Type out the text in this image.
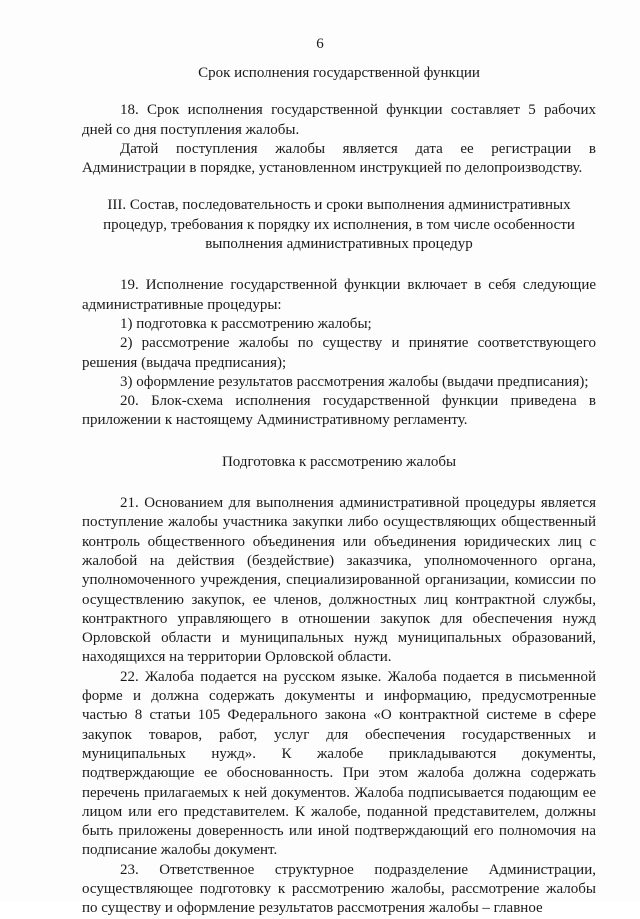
6

Срок исполнения государственной функции

18. Срок исполнения государственной функции составляет 5 рабочих дней со дня поступления жалобы.

Датой поступления жалобы является дата ее регистрации в Администрации в порядке, установленном инструкцией по делопроизводству.

III. Состав, последовательность и сроки выполнения административных процедур, требования к порядку их исполнения, в том числе особенности выполнения административных процедур

19. Исполнение государственной функции включает в себя следующие административные процедуры:

1) подготовка к рассмотрению жалобы;

2) рассмотрение жалобы по существу и принятие соответствующего решения (выдача предписания);

3) оформление результатов рассмотрения жалобы (выдачи предписания);

20. Блок-схема исполнения государственной функции приведена в приложении к настоящему Административному регламенту.

Подготовка к рассмотрению жалобы

21. Основанием для выполнения административной процедуры является поступление жалобы участника закупки либо осуществляющих общественный контроль общественного объединения или объединения юридических лиц с жалобой на действия (бездействие) заказчика, уполномоченного органа, уполномоченного учреждения, специализированной организации, комиссии по осуществлению закупок, ее членов, должностных лиц контрактной службы, контрактного управляющего в отношении закупок для обеспечения нужд Орловской области и муниципальных нужд муниципальных образований, находящихся на территории Орловской области.

22. Жалоба подается на русском языке. Жалоба подается в письменной форме и должна содержать документы и информацию, предусмотренные частью 8 статьи 105 Федерального закона «О контрактной системе в сфере закупок товаров, работ, услуг для обеспечения государственных и муниципальных нужд». К жалобе прикладываются документы, подтверждающие ее обоснованность. При этом жалоба должна содержать перечень прилагаемых к ней документов. Жалоба подписывается подающим ее лицом или его представителем. К жалобе, поданной представителем, должны быть приложены доверенность или иной подтверждающий его полномочия на подписание жалобы документ.

23. Ответственное структурное подразделение Администрации, осуществляющее подготовку к рассмотрению жалобы, рассмотрение жалобы по существу и оформление результатов рассмотрения жалобы – главное
